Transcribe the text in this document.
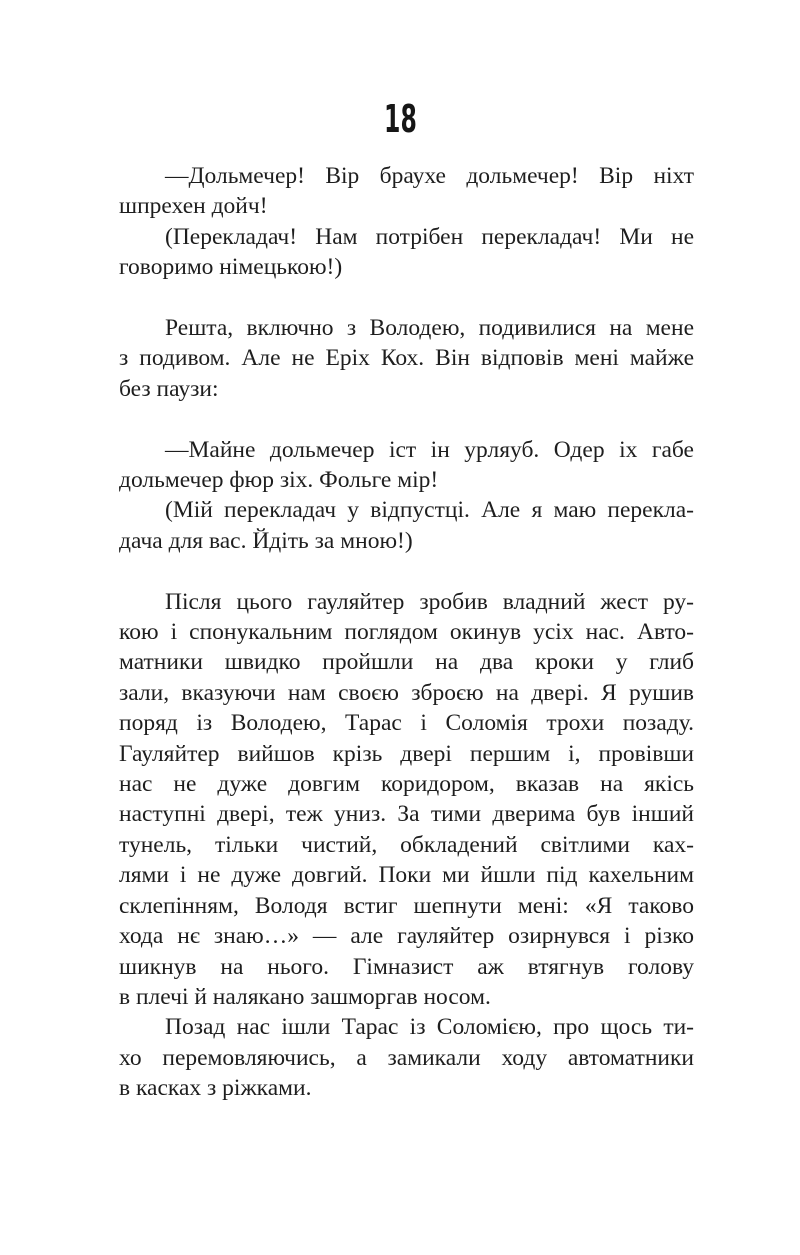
18
—Дольмечер! Вір браухе дольмечер! Вір ніхт
шпрехен дойч!
(Перекладач! Нам потрібен перекладач! Ми не
говоримо німецькою!)
Решта, включно з Володею, подивилися на мене
з подивом. Але не Еріх Кох. Він відповів мені майже
без паузи:
—Майне дольмечер іст ін урляуб. Одер іх габе
дольмечер фюр зіх. Фольге мір!
(Мій перекладач у відпустці. Але я маю перекла-
дача для вас. Йдіть за мною!)
Після цього гауляйтер зробив владний жест ру-
кою і спонукальним поглядом окинув усіх нас. Авто-
матники швидко пройшли на два кроки у глиб
зали, вказуючи нам своєю зброєю на двері. Я рушив
поряд із Володею, Тарас і Соломія трохи позаду.
Гауляйтер вийшов крізь двері першим і, провівши
нас не дуже довгим коридором, вказав на якісь
наступні двері, теж униз. За тими дверима був інший
тунель, тільки чистий, обкладений світлими ках-
лями і не дуже довгий. Поки ми йшли під кахельним
склепінням, Володя встиг шепнути мені: «Я таково
хода нє знаю…» — але гауляйтер озирнувся і різко
шикнув на нього. Гімназист аж втягнув голову
в плечі й налякано зашморгав носом.
Позад нас ішли Тарас із Соломією, про щось ти-
хо перемовляючись, а замикали ходу автоматники
в касках з ріжками.
